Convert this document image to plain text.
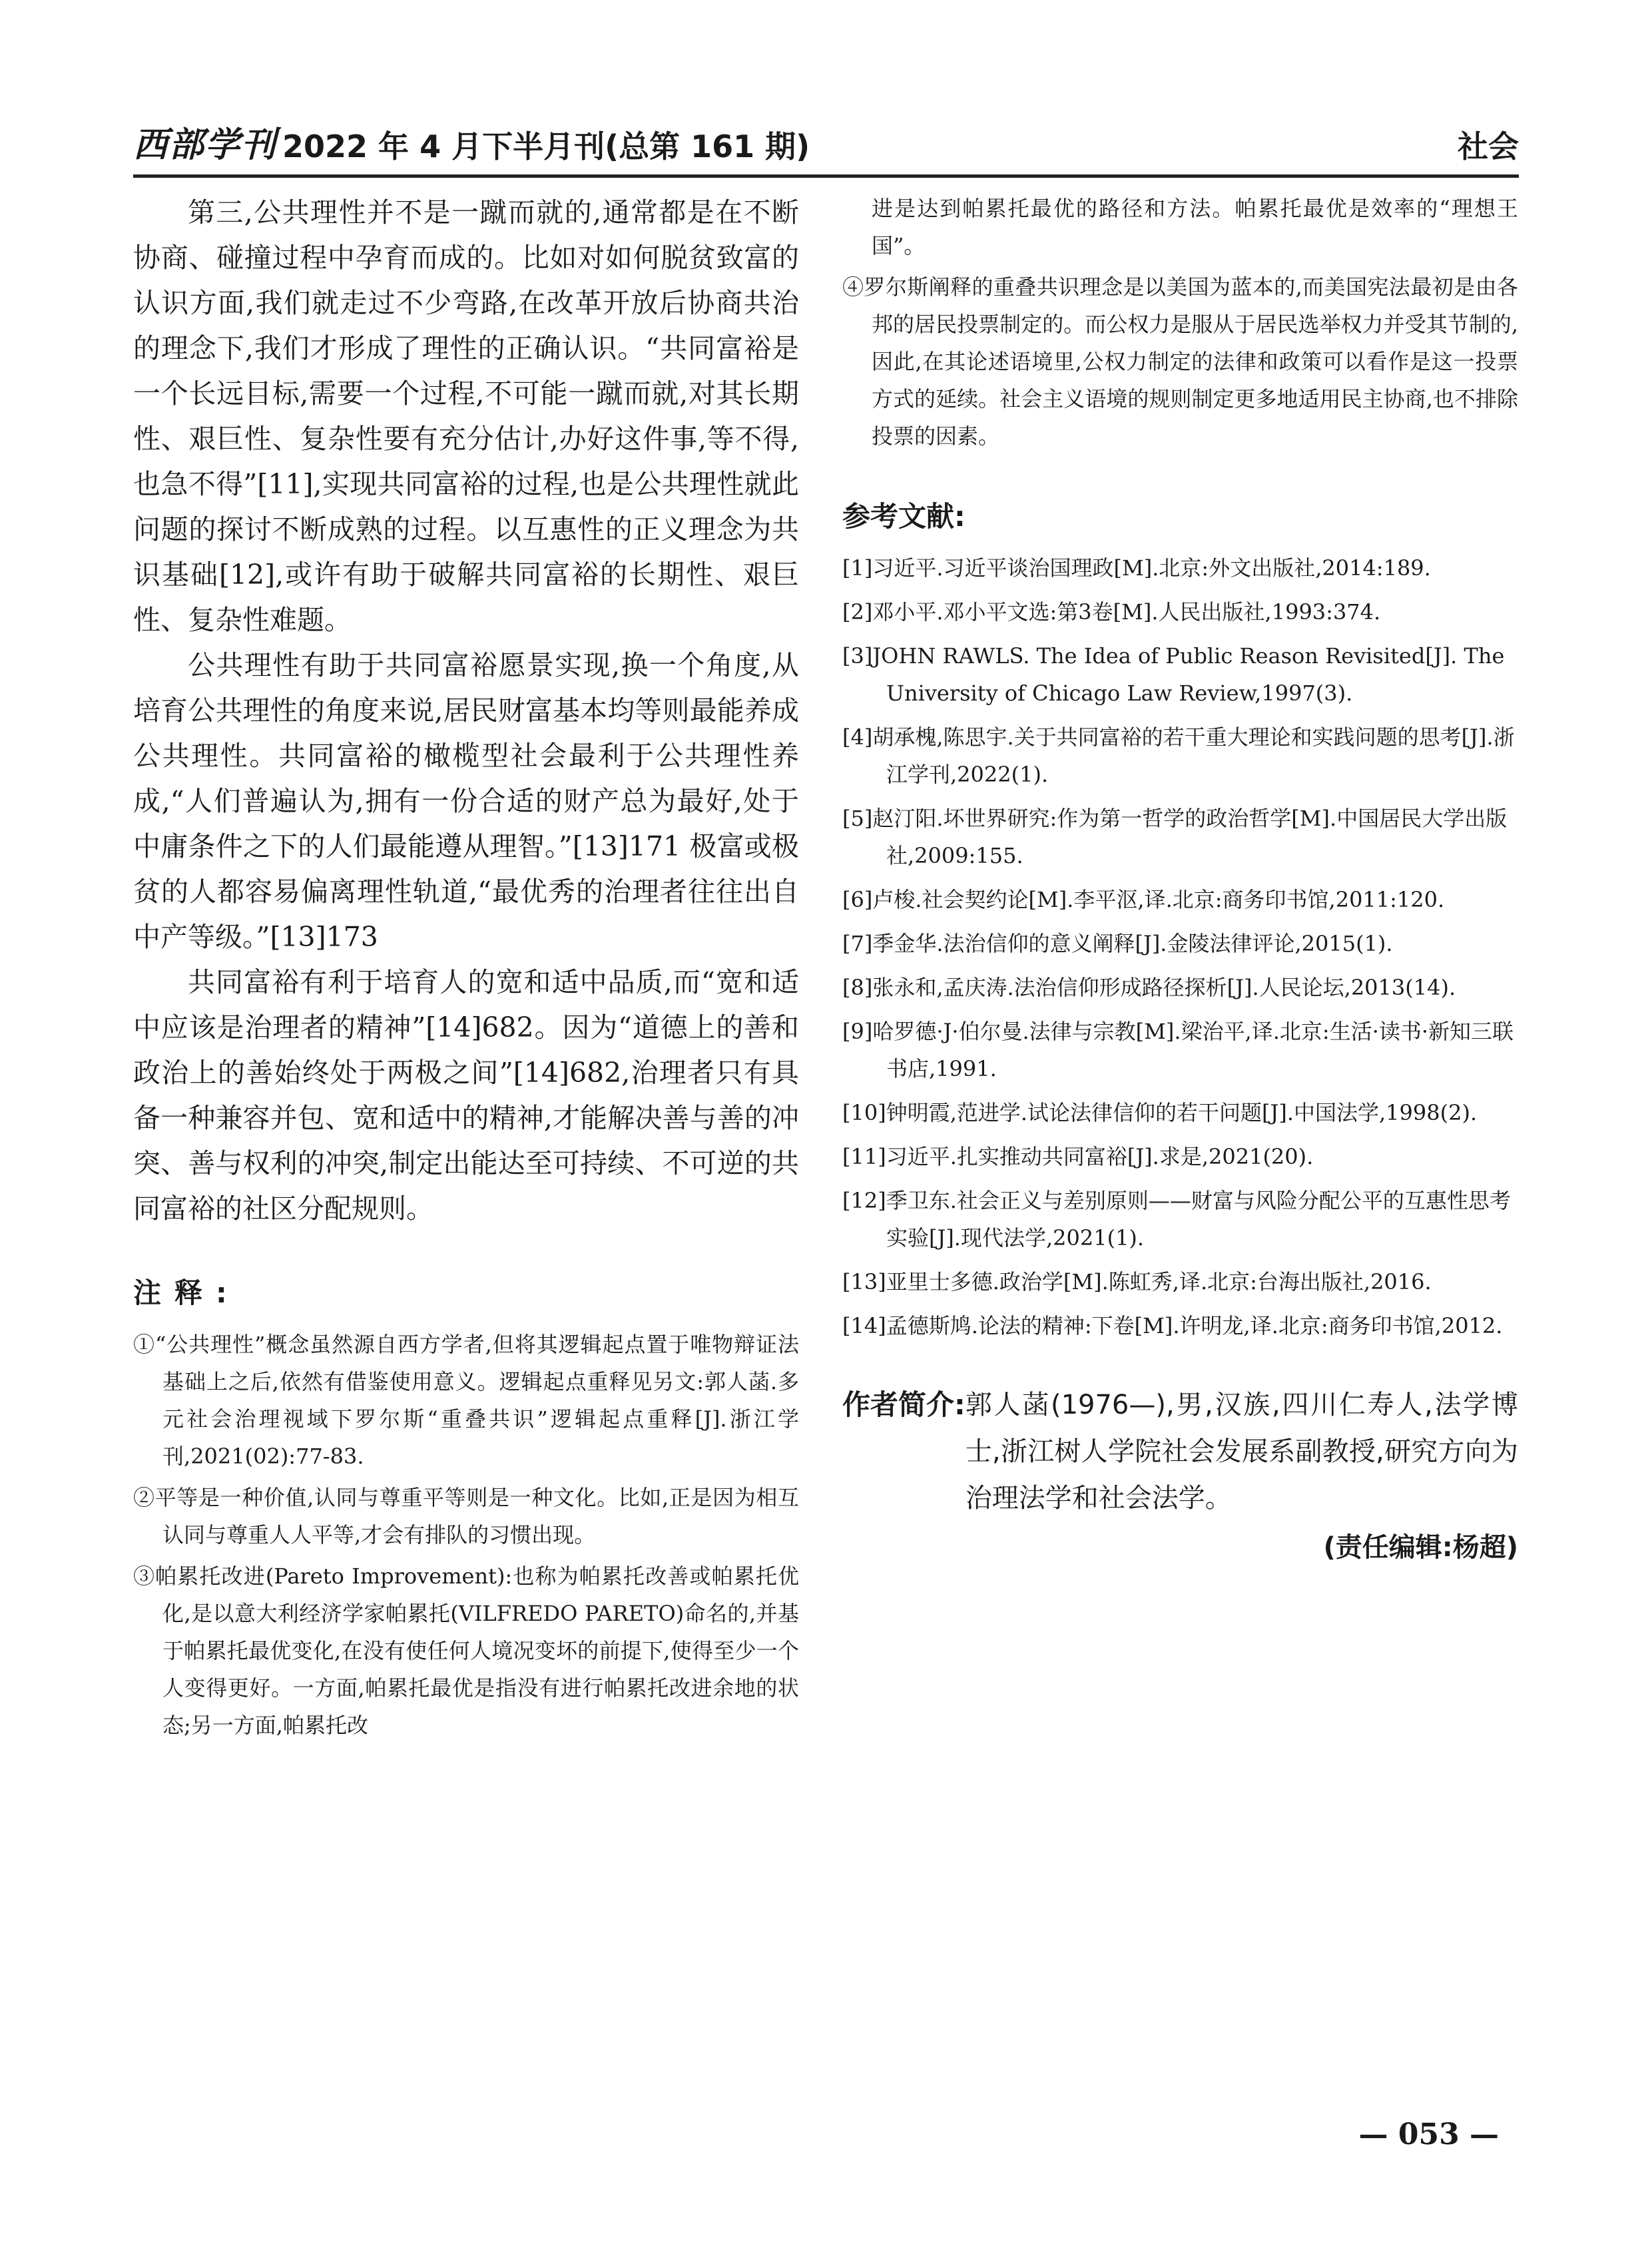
西部学刊 2022 年 4 月下半月刊(总第 161 期)	社会

第三,公共理性并不是一蹴而就的,通常都是在不断协商、碰撞过程中孕育而成的。比如对如何脱贫致富的认识方面,我们就走过不少弯路,在改革开放后协商共治的理念下,我们才形成了理性的正确认识。“共同富裕是一个长远目标,需要一个过程,不可能一蹴而就,对其长期性、艰巨性、复杂性要有充分估计,办好这件事,等不得,也急不得”[11],实现共同富裕的过程,也是公共理性就此问题的探讨不断成熟的过程。以互惠性的正义理念为共识基础[12],或许有助于破解共同富裕的长期性、艰巨性、复杂性难题。

公共理性有助于共同富裕愿景实现,换一个角度,从培育公共理性的角度来说,居民财富基本均等则最能养成公共理性。共同富裕的橄榄型社会最利于公共理性养成,“人们普遍认为,拥有一份合适的财产总为最好,处于中庸条件之下的人们最能遵从理智。”[13]171 极富或极贫的人都容易偏离理性轨道,“最优秀的治理者往往出自中产等级。”[13]173

共同富裕有利于培育人的宽和适中品质,而“宽和适中应该是治理者的精神”[14]682。因为“道德上的善和政治上的善始终处于两极之间”[14]682,治理者只有具备一种兼容并包、宽和适中的精神,才能解决善与善的冲突、善与权利的冲突,制定出能达至可持续、不可逆的共同富裕的社区分配规则。

注释:

①“公共理性”概念虽然源自西方学者,但将其逻辑起点置于唯物辩证法基础上之后,依然有借鉴使用意义。逻辑起点重释见另文:郭人菡.多元社会治理视域下罗尔斯“重叠共识”逻辑起点重释[J].浙江学刊,2021(02):77-83.

②平等是一种价值,认同与尊重平等则是一种文化。比如,正是因为相互认同与尊重人人平等,才会有排队的习惯出现。

③帕累托改进(Pareto Improvement):也称为帕累托改善或帕累托优化,是以意大利经济学家帕累托(VILFREDO PARETO)命名的,并基于帕累托最优变化,在没有使任何人境况变坏的前提下,使得至少一个人变得更好。一方面,帕累托最优是指没有进行帕累托改进余地的状态;另一方面,帕累托改

进是达到帕累托最优的路径和方法。帕累托最优是效率的“理想王国”。

④罗尔斯阐释的重叠共识理念是以美国为蓝本的,而美国宪法最初是由各邦的居民投票制定的。而公权力是服从于居民选举权力并受其节制的,因此,在其论述语境里,公权力制定的法律和政策可以看作是这一投票方式的延续。社会主义语境的规则制定更多地适用民主协商,也不排除投票的因素。

参考文献:

[1]习近平.习近平谈治国理政[M].北京:外文出版社,2014:189.

[2]邓小平.邓小平文选:第3卷[M].人民出版社,1993:374.

[3]JOHN RAWLS. The Idea of Public Reason Revisited[J]. The University of Chicago Law Review,1997(3).

[4]胡承槐,陈思宇.关于共同富裕的若干重大理论和实践问题的思考[J].浙江学刊,2022(1).

[5]赵汀阳.坏世界研究:作为第一哲学的政治哲学[M].中国居民大学出版社,2009:155.

[6]卢梭.社会契约论[M].李平沤,译.北京:商务印书馆,2011:120.

[7]季金华.法治信仰的意义阐释[J].金陵法律评论,2015(1).

[8]张永和,孟庆涛.法治信仰形成路径探析[J].人民论坛,2013(14).

[9]哈罗德·J·伯尔曼.法律与宗教[M].梁治平,译.北京:生活·读书·新知三联书店,1991.

[10]钟明霞,范进学.试论法律信仰的若干问题[J].中国法学,1998(2).

[11]习近平.扎实推动共同富裕[J].求是,2021(20).

[12]季卫东.社会正义与差别原则——财富与风险分配公平的互惠性思考实验[J].现代法学,2021(1).

[13]亚里士多德.政治学[M].陈虹秀,译.北京:台海出版社,2016.

[14]孟德斯鸠.论法的精神:下卷[M].许明龙,译.北京:商务印书馆,2012.

作者简介: 郭人菡(1976—),男,汉族,四川仁寿人,法学博士,浙江树人学院社会发展系副教授,研究方向为治理法学和社会法学。
(责任编辑:杨超)
— 053 —
